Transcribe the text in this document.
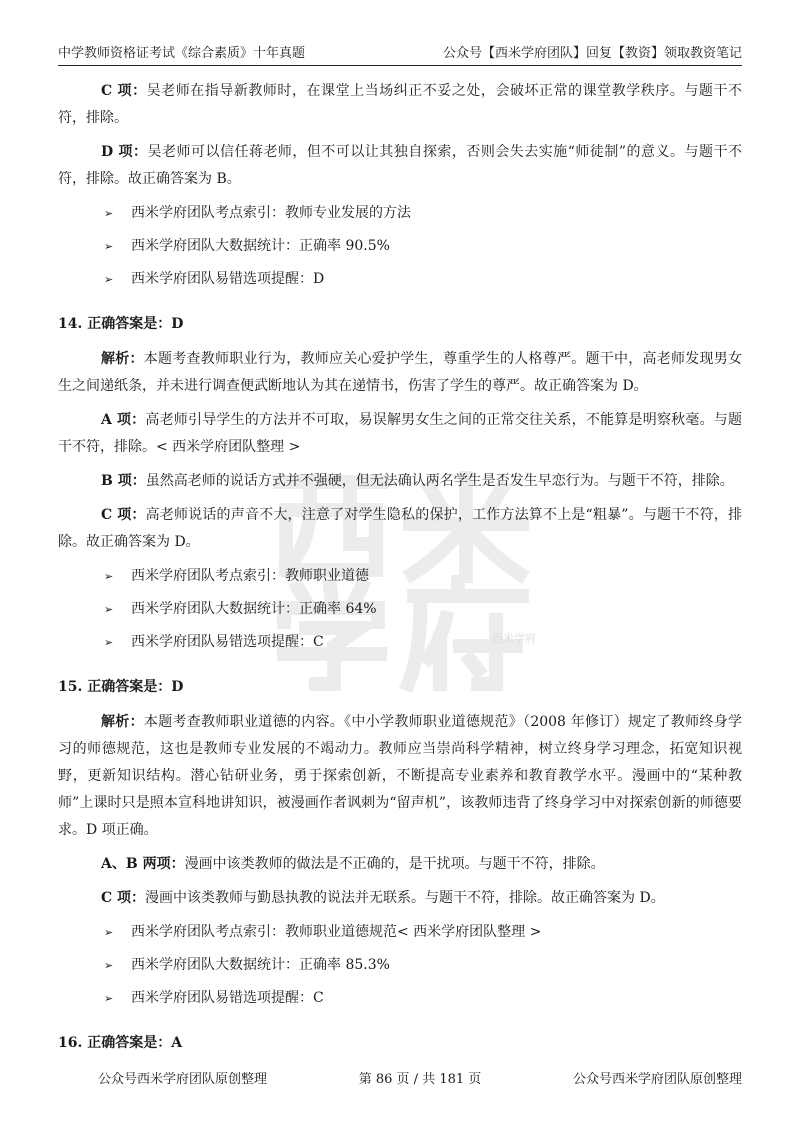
西米学府
中学教师资格证考试《综合素质》十年真题	公众号【西米学府团队】回复【教资】领取教资笔记

C 项：吴老师在指导新教师时，在课堂上当场纠正不妥之处，会破坏正常的课堂教学秩序。与题干不符，排除。

D 项：吴老师可以信任蒋老师，但不可以让其独自探索，否则会失去实施“师徒制”的意义。与题干不符，排除。故正确答案为 B。

➢ 西米学府团队考点索引：教师专业发展的方法
➢ 西米学府团队大数据统计：正确率 90.5%
➢ 西米学府团队易错选项提醒：D
14. 正确答案是：D

解析：本题考查教师职业行为，教师应关心爱护学生，尊重学生的人格尊严。题干中，高老师发现男女生之间递纸条，并未进行调查便武断地认为其在递情书，伤害了学生的尊严。故正确答案为 D。

A 项：高老师引导学生的方法并不可取，易误解男女生之间的正常交往关系，不能算是明察秋毫。与题干不符，排除。< 西米学府团队整理 >

B 项：虽然高老师的说话方式并不强硬，但无法确认两名学生是否发生早恋行为。与题干不符，排除。

C 项：高老师说话的声音不大，注意了对学生隐私的保护，工作方法算不上是“粗暴”。与题干不符，排除。故正确答案为 D。

➢ 西米学府团队考点索引：教师职业道德
➢ 西米学府团队大数据统计：正确率 64%
➢ 西米学府团队易错选项提醒：C
15. 正确答案是：D

解析：本题考查教师职业道德的内容。《中小学教师职业道德规范》（2008 年修订）规定了教师终身学习的师德规范，这也是教师专业发展的不竭动力。教师应当崇尚科学精神，树立终身学习理念，拓宽知识视野，更新知识结构。潜心钻研业务，勇于探索创新，不断提高专业素养和教育教学水平。漫画中的“某种教师”上课时只是照本宣科地讲知识，被漫画作者讽刺为“留声机”，该教师违背了终身学习中对探索创新的师德要求。D 项正确。

A、B 两项：漫画中该类教师的做法是不正确的，是干扰项。与题干不符，排除。

C 项：漫画中该类教师与勤恳执教的说法并无联系。与题干不符，排除。故正确答案为 D。

➢ 西米学府团队考点索引：教师职业道德规范< 西米学府团队整理 >
➢ 西米学府团队大数据统计：正确率 85.3%
➢ 西米学府团队易错选项提醒：C
16. 正确答案是：A
公众号西米学府团队原创整理	第 86 页 / 共 181 页	公众号西米学府团队原创整理
